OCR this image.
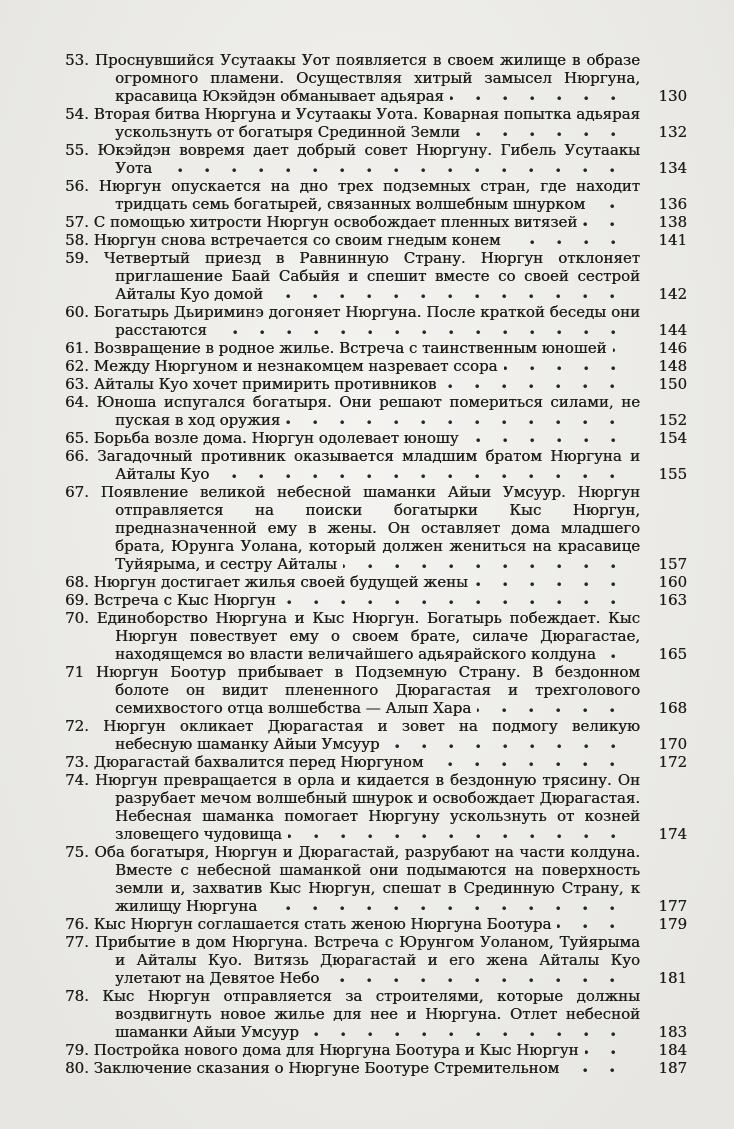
53. Проснувшийся Усутаакы Уот появляется в своем жилище в образе огромного пламени. Осуществляя хитрый замысел Нюргуна, красавица Юкэйдэн обманывает адьярая	130
54. Вторая битва Нюргуна и Усутаакы Уота. Коварная попытка адьярая ускользнуть от богатыря Срединной Земли	132
55. Юкэйдэн вовремя дает добрый совет Нюргуну. Гибель Усутаакы Уота	134
56. Нюргун опускается на дно трех подземных стран, где находит тридцать семь богатырей, связанных волшебным шнурком	136
57. С помощью хитрости Нюргун освобождает пленных витязей	138
58. Нюргун снова встречается со своим гнедым конем	141
59. Четвертый приезд в Равнинную Страну. Нюргун отклоняет приглашение Баай Сабыйя и спешит вместе со своей сестрой Айталы Куо домой	142
60. Богатырь Дьириминэ догоняет Нюргуна. После краткой беседы они расстаются	144
61. Возвращение в родное жилье. Встреча с таинственным юношей	146
62. Между Нюргуном и незнакомцем назревает ссора	148
63. Айталы Куо хочет примирить противников	150
64. Юноша испугался богатыря. Они решают помериться силами, не пуская в ход оружия	152
65. Борьба возле дома. Нюргун одолевает юношу	154
66. Загадочный противник оказывается младшим братом Нюргуна и Айталы Куо	155
67. Появление великой небесной шаманки Айыи Умсуур. Нюргун отправляется на поиски богатырки Кыс Нюргун, предназначенной ему в жены. Он оставляет дома младшего брата, Юрунга Уолана, который должен жениться на красавице Туйярыма, и сестру Айталы	157
68. Нюргун достигает жилья своей будущей жены	160
69. Встреча с Кыс Нюргун	163
70. Единоборство Нюргуна и Кыс Нюргун. Богатырь побеждает. Кыс Нюргун повествует ему о своем брате, силаче Дюрагастае, находящемся во власти величайшего адьярайского колдуна	165
71 Нюргун Боотур прибывает в Подземную Страну. В бездонном болоте он видит плененного Дюрагастая и трехголового семихвостого отца волшебства — Алып Хара	168
72. Нюргун окликает Дюрагастая и зовет на подмогу великую небесную шаманку Айыи Умсуур	170
73. Дюрагастай бахвалится перед Нюргуном	172
74. Нюргун превращается в орла и кидается в бездонную трясину. Он разрубает мечом волшебный шнурок и освобождает Дюрагастая. Небесная шаманка помогает Нюргуну ускользнуть от козней зловещего чудовища	174
75. Оба богатыря, Нюргун и Дюрагастай, разрубают на части колдуна. Вместе с небесной шаманкой они подымаются на поверхность земли и, захватив Кыс Нюргун, спешат в Срединную Страну, к жилищу Нюргуна	177
76. Кыс Нюргун соглашается стать женою Нюргуна Боотура	179
77. Прибытие в дом Нюргуна. Встреча с Юрунгом Уоланом, Туйярыма и Айталы Куо. Витязь Дюрагастай и его жена Айталы Куо улетают на Девятое Небо	181
78. Кыс Нюргун отправляется за строителями, которые должны воздвигнуть новое жилье для нее и Нюргуна. Отлет небесной шаманки Айыи Умсуур	183
79. Постройка нового дома для Нюргуна Боотура и Кыс Нюргун	184
80. Заключение сказания о Нюргуне Боотуре Стремительном	187
